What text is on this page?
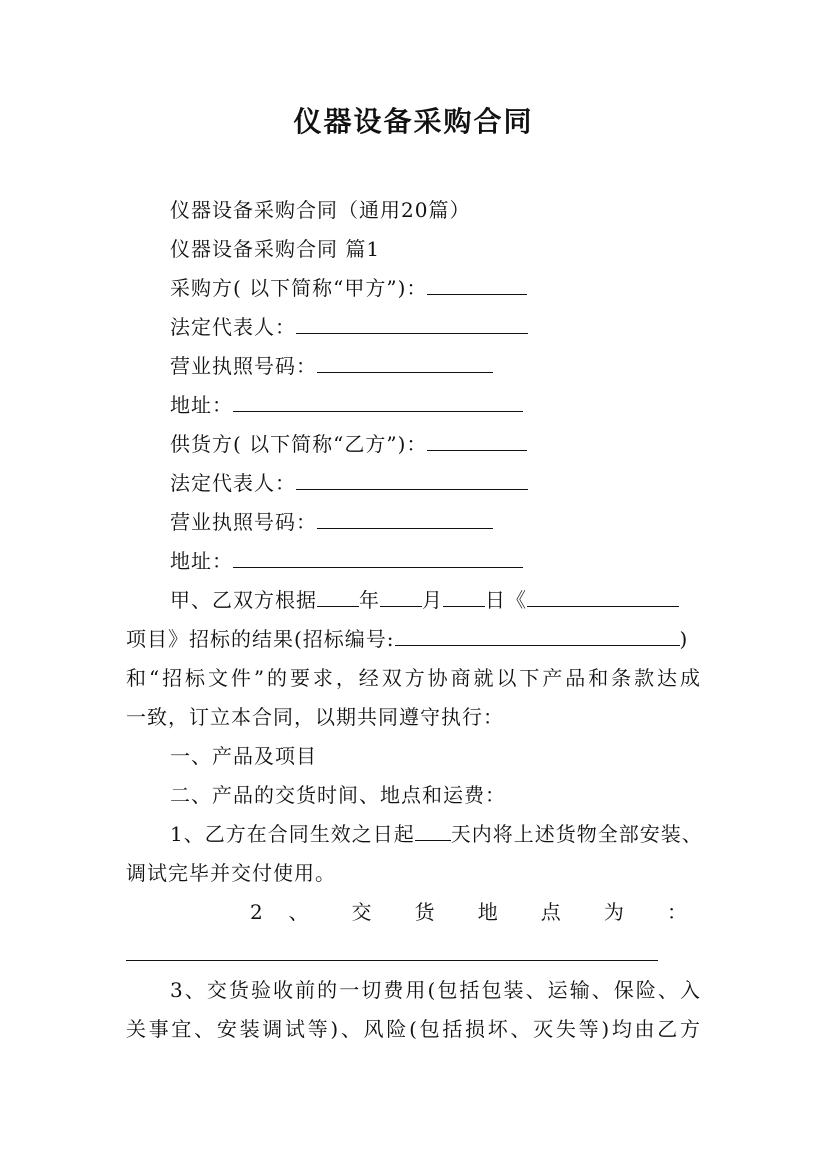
仪器设备采购合同
仪器设备采购合同（通用20篇）
仪器设备采购合同 篇1
采购方( 以下简称“甲方”)：
法定代表人：
营业执照号码：
地址：
供货方( 以下简称“乙方”)：
法定代表人：
营业执照号码：
地址：
甲、乙双方根据 年 月 日《
项目》招标的结果(招标编号:	)
和“招标文件”的要求，经双方协商就以下产品和条款达成
一致，订立本合同，以期共同遵守执行：
一、产品及项目
二、产品的交货时间、地点和运费：
1、乙方在合同生效之日起 天内将上述货物全部安装、
调试完毕并交付使用。
2 、 交 货 地 点 为 ：
3、交货验收前的一切费用(包括包装、运输、保险、入
关事宜、安装调试等)、风险(包括损坏、灭失等)均由乙方
